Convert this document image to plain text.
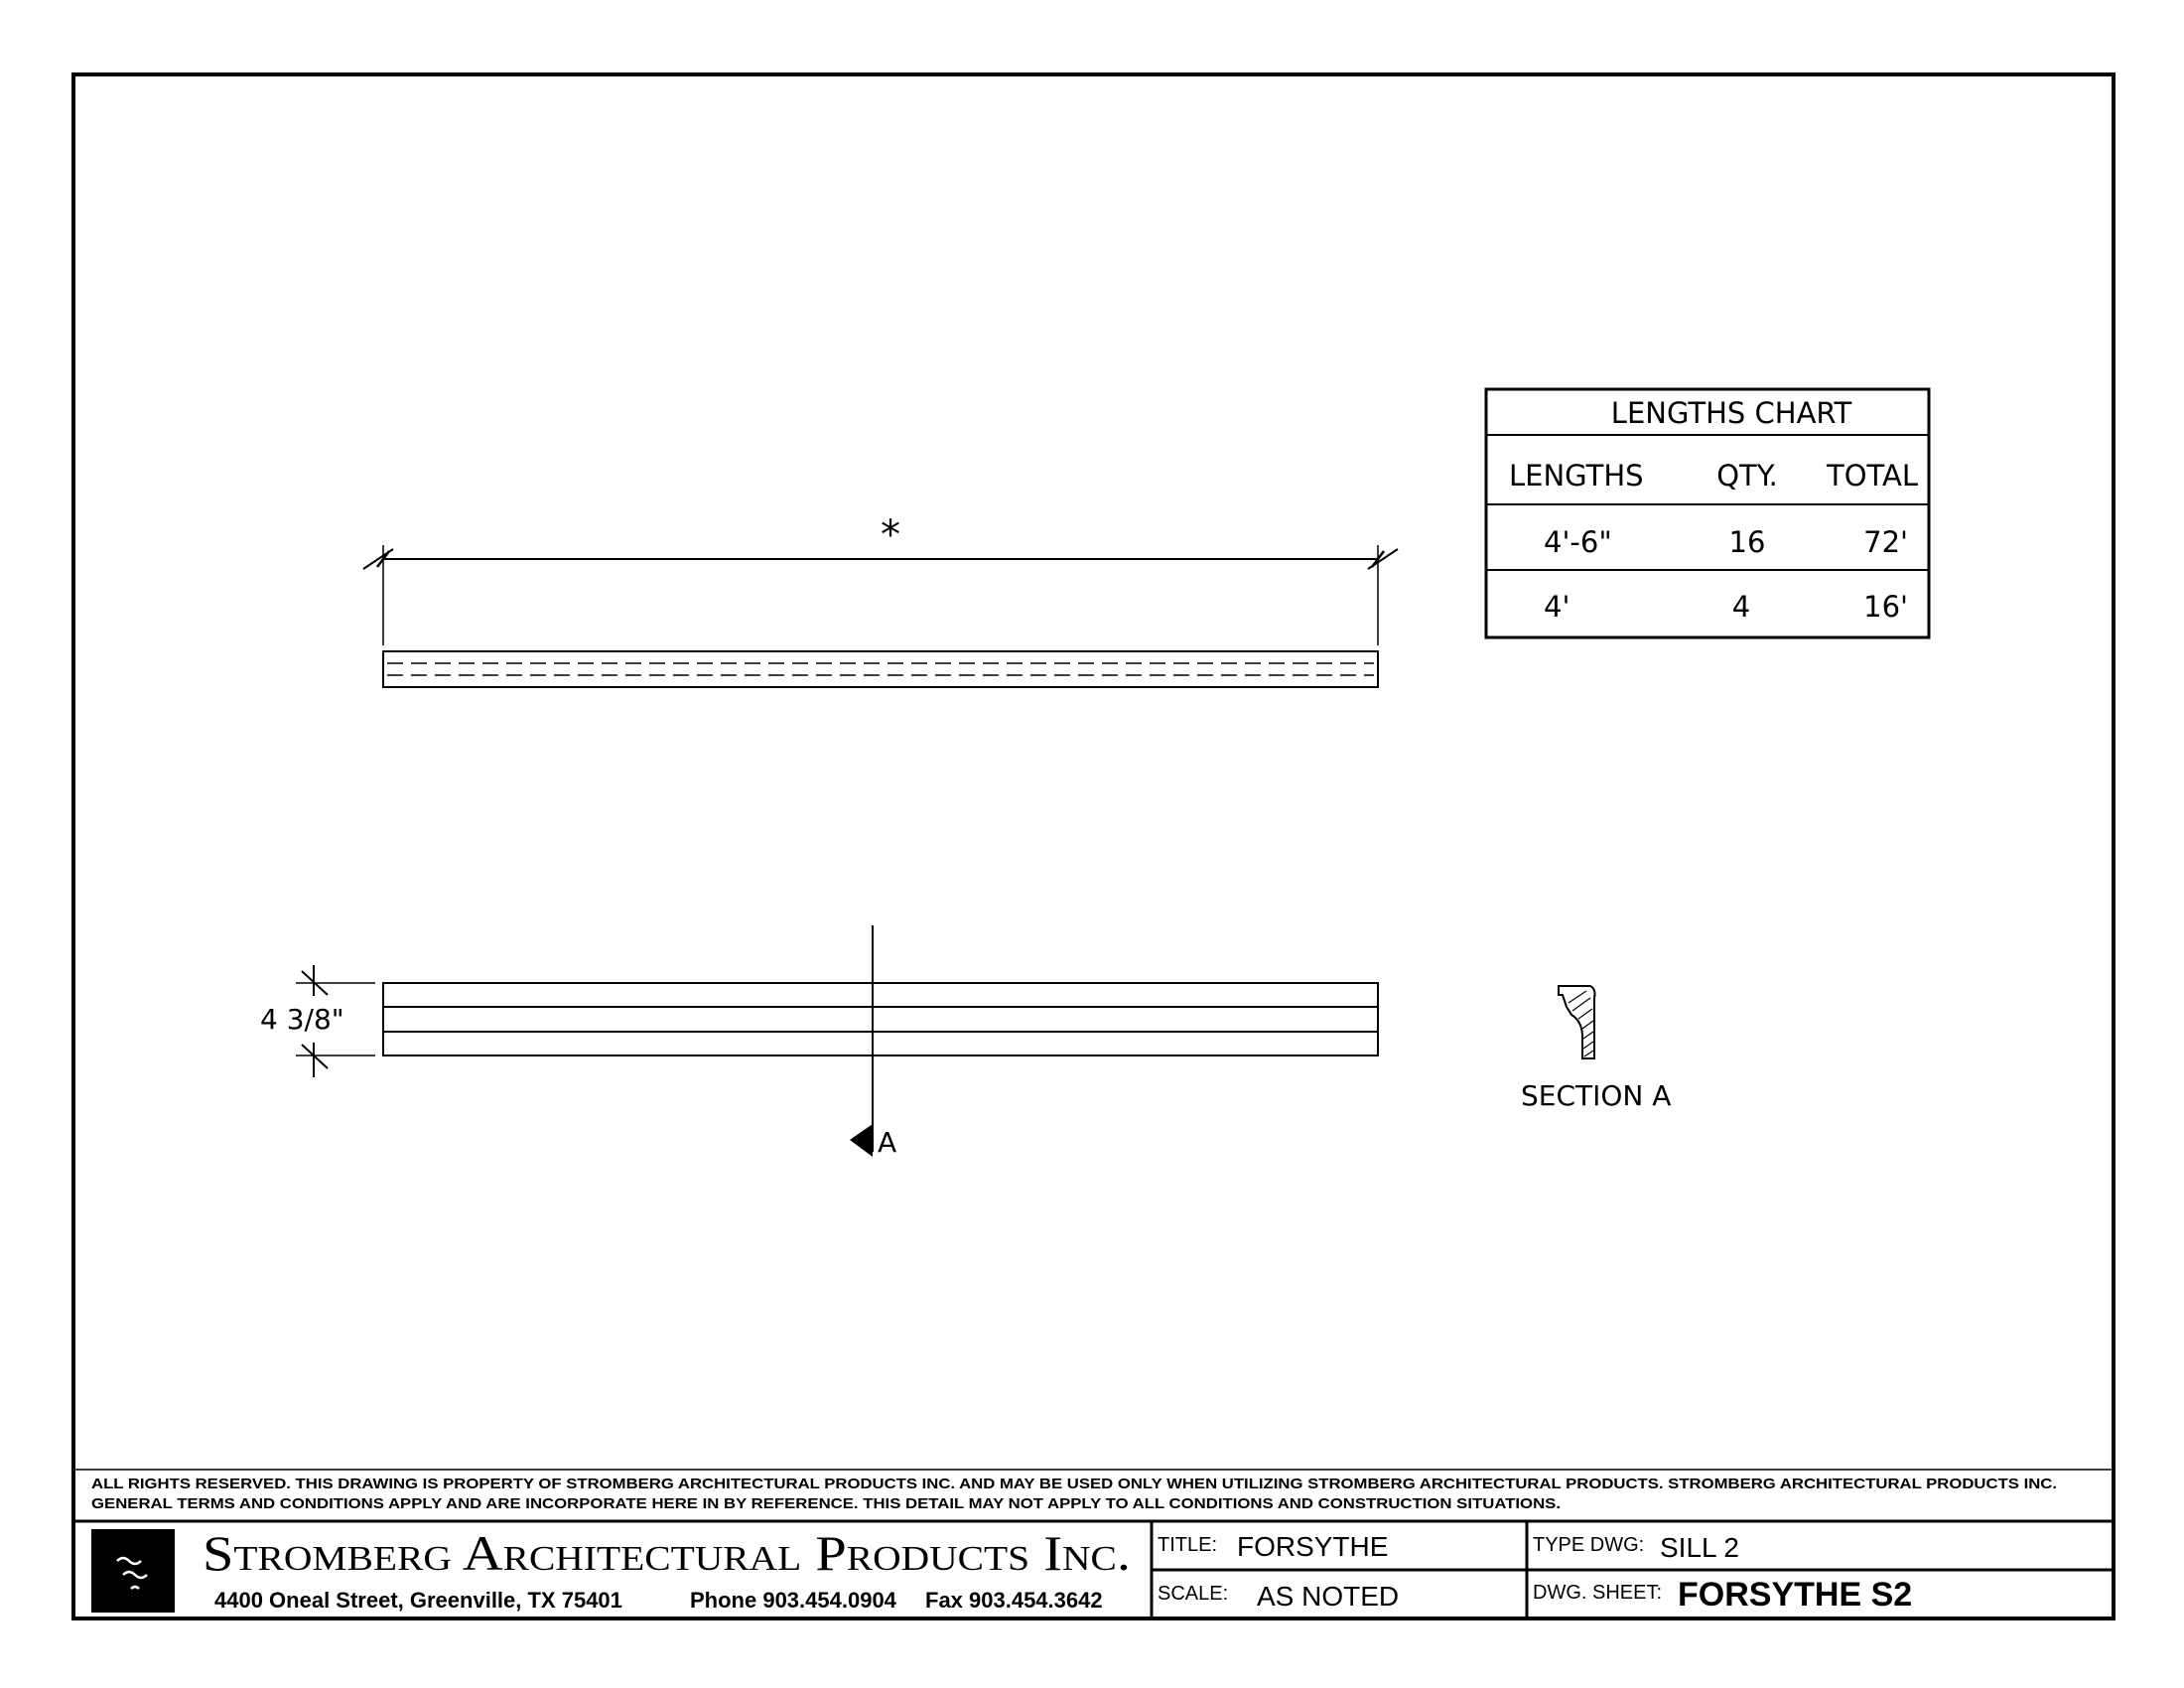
*
4 3/8"
A
SECTION A
LENGTHS CHART
LENGTHS	QTY. TOTAL
4'-6"	16	72'
4'	4	16'
ALL RIGHTS RESERVED. THIS DRAWING IS PROPERTY OF STROMBERG ARCHITECTURAL PRODUCTS INC. AND MAY BE USED ONLY WHEN UTILIZING STROMBERG ARCHITECTURAL PRODUCTS. STROMBERG ARCHITECTURAL PRODUCTS INC.
GENERAL TERMS AND CONDITIONS APPLY AND ARE INCORPORATE HERE IN BY REFERENCE. THIS DETAIL MAY NOT APPLY TO ALL CONDITIONS AND CONSTRUCTION SITUATIONS.
Stromberg Architectural Products Inc.
4400 Oneal Street, Greenville, TX 75401	Phone 903.454.0904 Fax 903.454.3642
TITLE: FORSYTHE
SCALE: AS NOTED
TYPE DWG: SILL 2
DWG. SHEET: FORSYTHE S2
